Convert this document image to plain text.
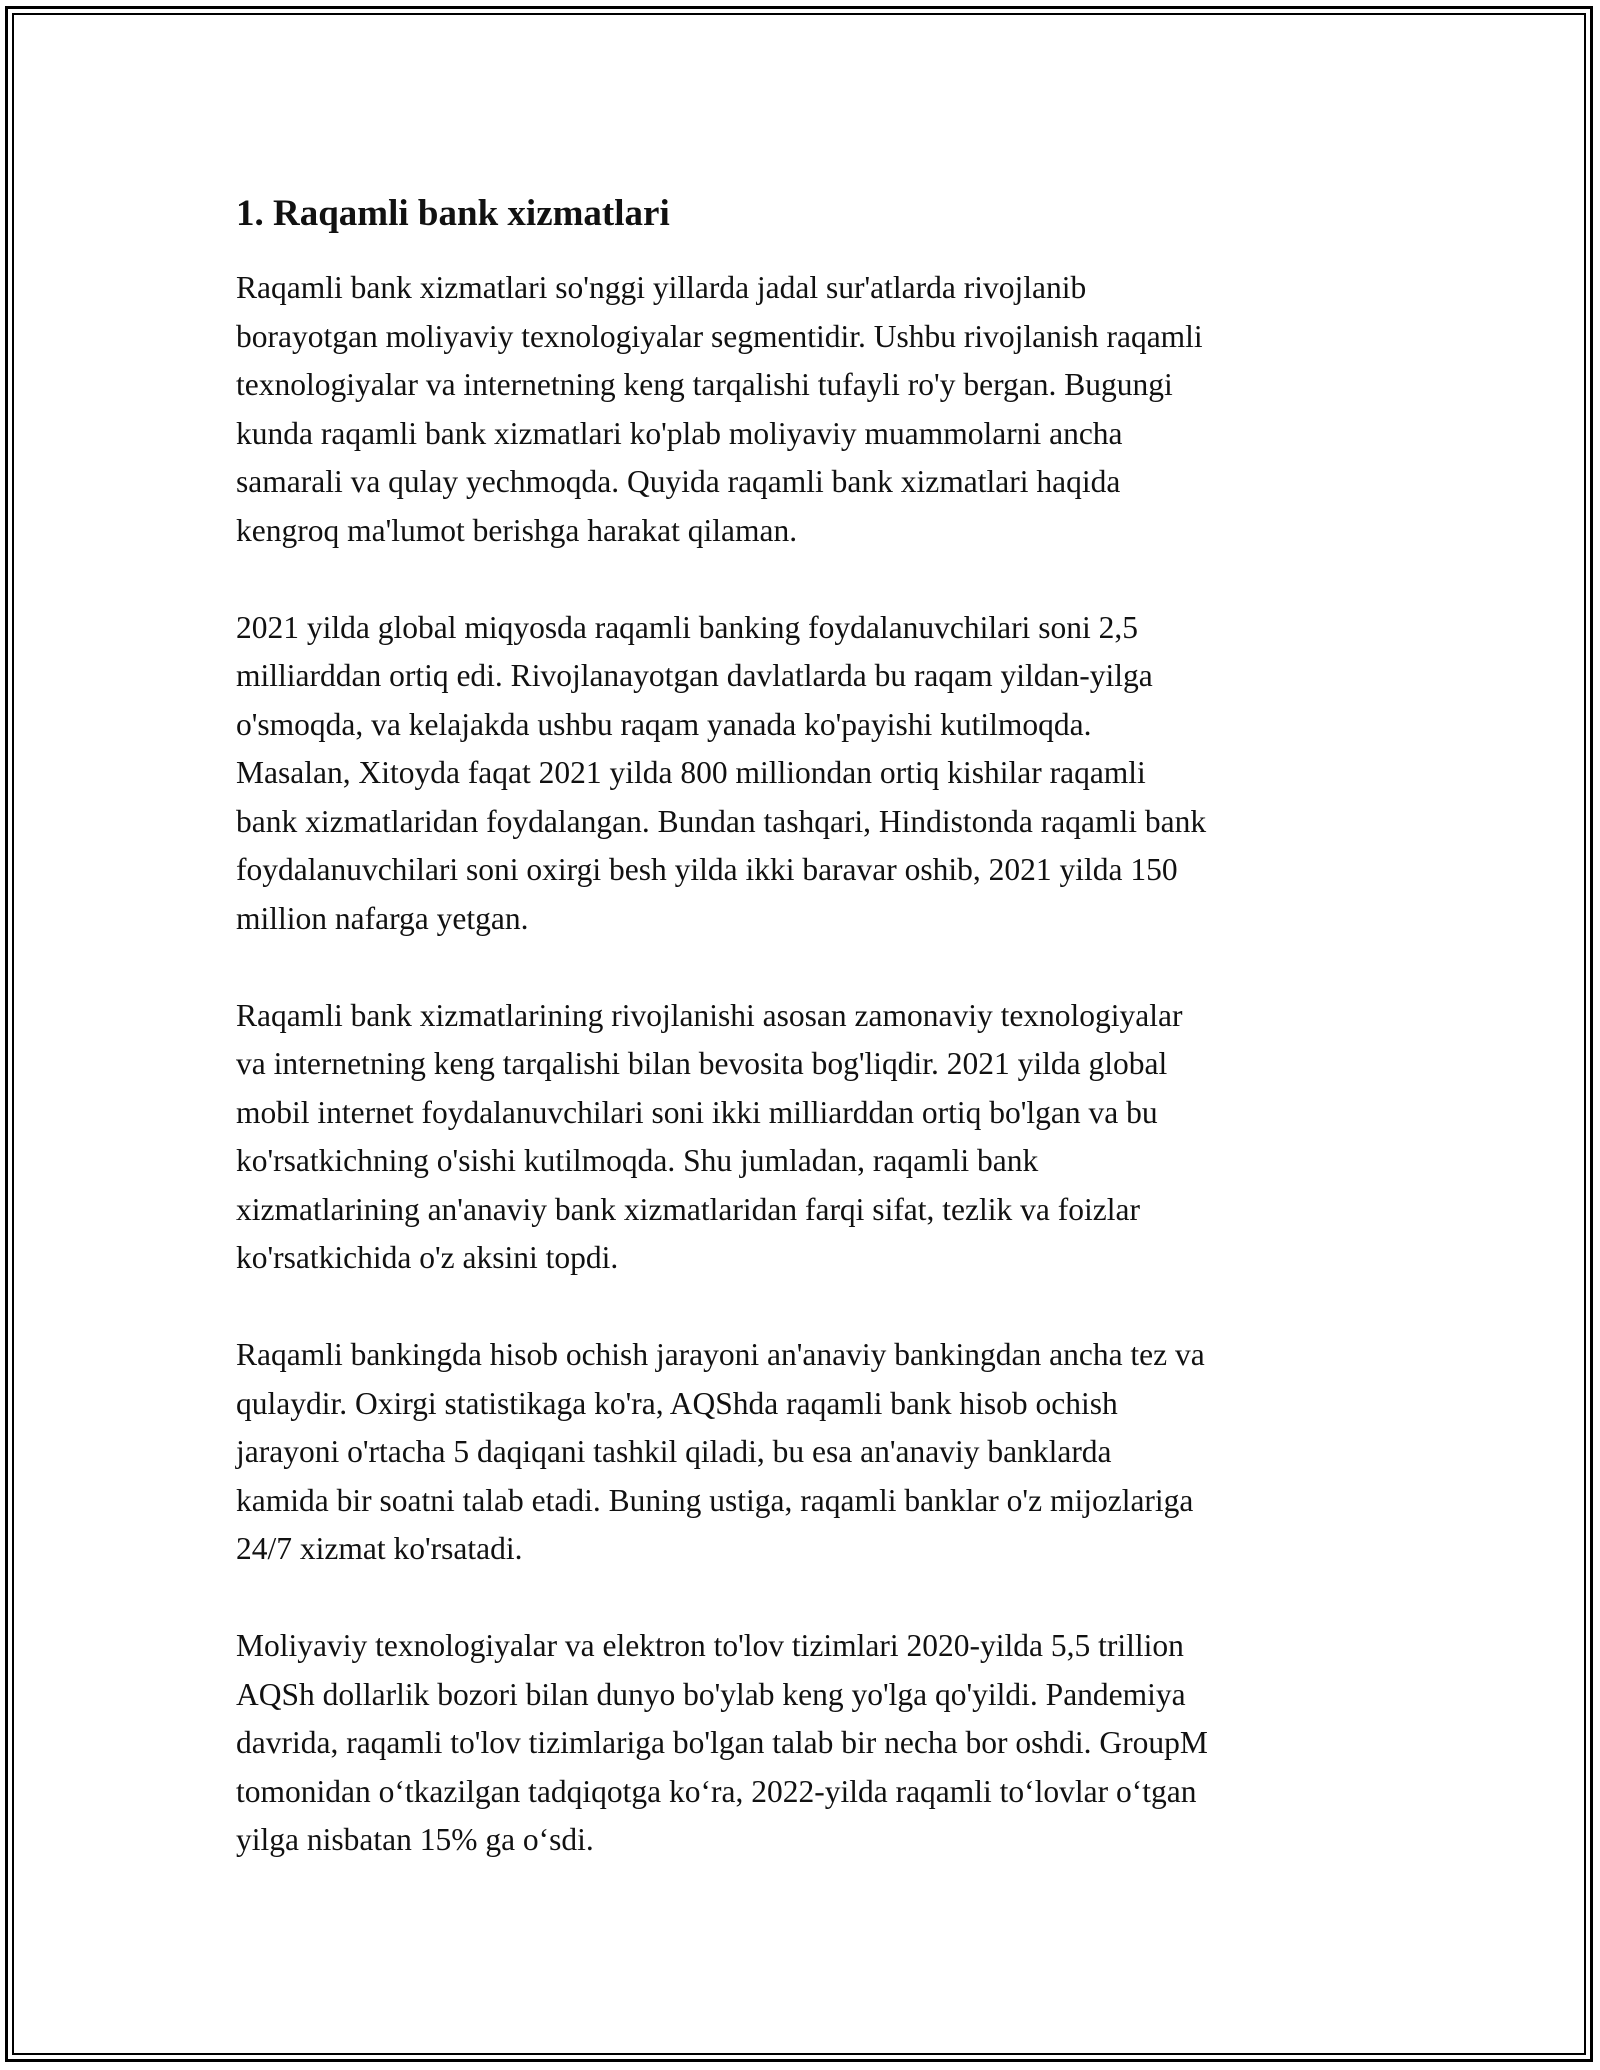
1. Raqamli bank xizmatlari

Raqamli bank xizmatlari so'nggi yillarda jadal sur'atlarda rivojlanib
borayotgan moliyaviy texnologiyalar segmentidir. Ushbu rivojlanish raqamli
texnologiyalar va internetning keng tarqalishi tufayli ro'y bergan. Bugungi
kunda raqamli bank xizmatlari ko'plab moliyaviy muammolarni ancha
samarali va qulay yechmoqda. Quyida raqamli bank xizmatlari haqida
kengroq ma'lumot berishga harakat qilaman.

2021 yilda global miqyosda raqamli banking foydalanuvchilari soni 2,5
milliarddan ortiq edi. Rivojlanayotgan davlatlarda bu raqam yildan-yilga
o'smoqda, va kelajakda ushbu raqam yanada ko'payishi kutilmoqda.
Masalan, Xitoyda faqat 2021 yilda 800 milliondan ortiq kishilar raqamli
bank xizmatlaridan foydalangan. Bundan tashqari, Hindistonda raqamli bank
foydalanuvchilari soni oxirgi besh yilda ikki baravar oshib, 2021 yilda 150
million nafarga yetgan.

Raqamli bank xizmatlarining rivojlanishi asosan zamonaviy texnologiyalar
va internetning keng tarqalishi bilan bevosita bog'liqdir. 2021 yilda global
mobil internet foydalanuvchilari soni ikki milliarddan ortiq bo'lgan va bu
ko'rsatkichning o'sishi kutilmoqda. Shu jumladan, raqamli bank
xizmatlarining an'anaviy bank xizmatlaridan farqi sifat, tezlik va foizlar
ko'rsatkichida o'z aksini topdi.

Raqamli bankingda hisob ochish jarayoni an'anaviy bankingdan ancha tez va
qulaydir. Oxirgi statistikaga ko'ra, AQShda raqamli bank hisob ochish
jarayoni o'rtacha 5 daqiqani tashkil qiladi, bu esa an'anaviy banklarda
kamida bir soatni talab etadi. Buning ustiga, raqamli banklar o'z mijozlariga
24/7 xizmat ko'rsatadi.

Moliyaviy texnologiyalar va elektron to'lov tizimlari 2020-yilda 5,5 trillion
AQSh dollarlik bozori bilan dunyo bo'ylab keng yo'lga qo'yildi. Pandemiya
davrida, raqamli to'lov tizimlariga bo'lgan talab bir necha bor oshdi. GroupM
tomonidan o‘tkazilgan tadqiqotga ko‘ra, 2022-yilda raqamli to‘lovlar o‘tgan
yilga nisbatan 15% ga o‘sdi.
